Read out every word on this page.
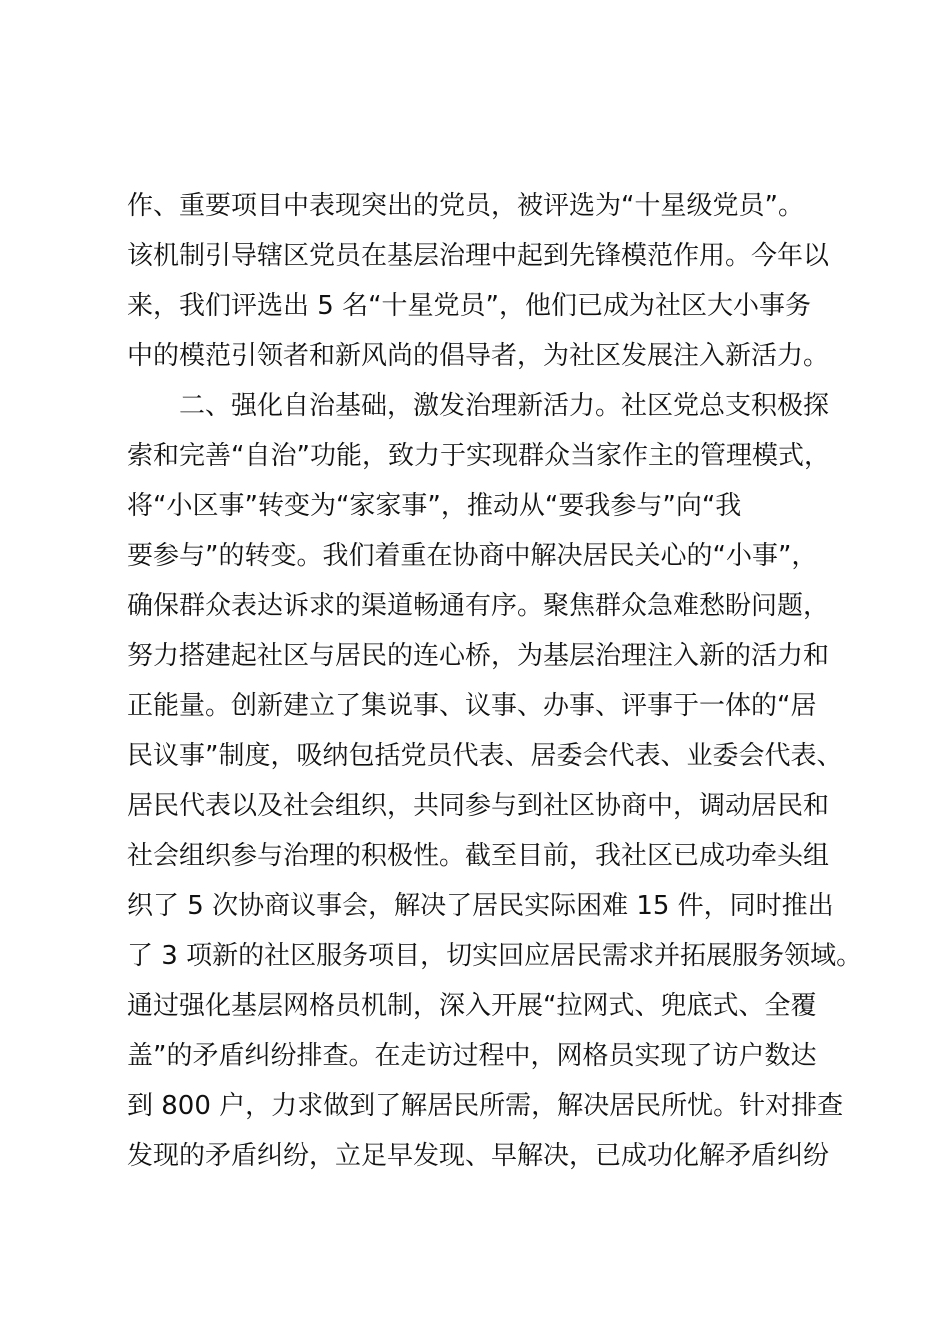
作、重要项目中表现突出的党员，被评选为“十星级党员”。
该机制引导辖区党员在基层治理中起到先锋模范作用。今年以
来，我们评选出 5 名“十星党员”，他们已成为社区大小事务
中的模范引领者和新风尚的倡导者，为社区发展注入新活力。
二、强化自治基础，激发治理新活力。社区党总支积极探
索和完善“自治”功能，致力于实现群众当家作主的管理模式，
将“小区事”转变为“家家事”，推动从“要我参与”向“我
要参与”的转变。我们着重在协商中解决居民关心的“小事”，
确保群众表达诉求的渠道畅通有序。聚焦群众急难愁盼问题，
努力搭建起社区与居民的连心桥，为基层治理注入新的活力和
正能量。创新建立了集说事、议事、办事、评事于一体的“居
民议事”制度，吸纳包括党员代表、居委会代表、业委会代表、
居民代表以及社会组织，共同参与到社区协商中，调动居民和
社会组织参与治理的积极性。截至目前，我社区已成功牵头组
织了 5 次协商议事会，解决了居民实际困难 15 件，同时推出
了 3 项新的社区服务项目，切实回应居民需求并拓展服务领域。
通过强化基层网格员机制，深入开展“拉网式、兜底式、全覆
盖”的矛盾纠纷排查。在走访过程中，网格员实现了访户数达
到 800 户，力求做到了解居民所需，解决居民所忧。针对排查
发现的矛盾纠纷，立足早发现、早解决，已成功化解矛盾纠纷
